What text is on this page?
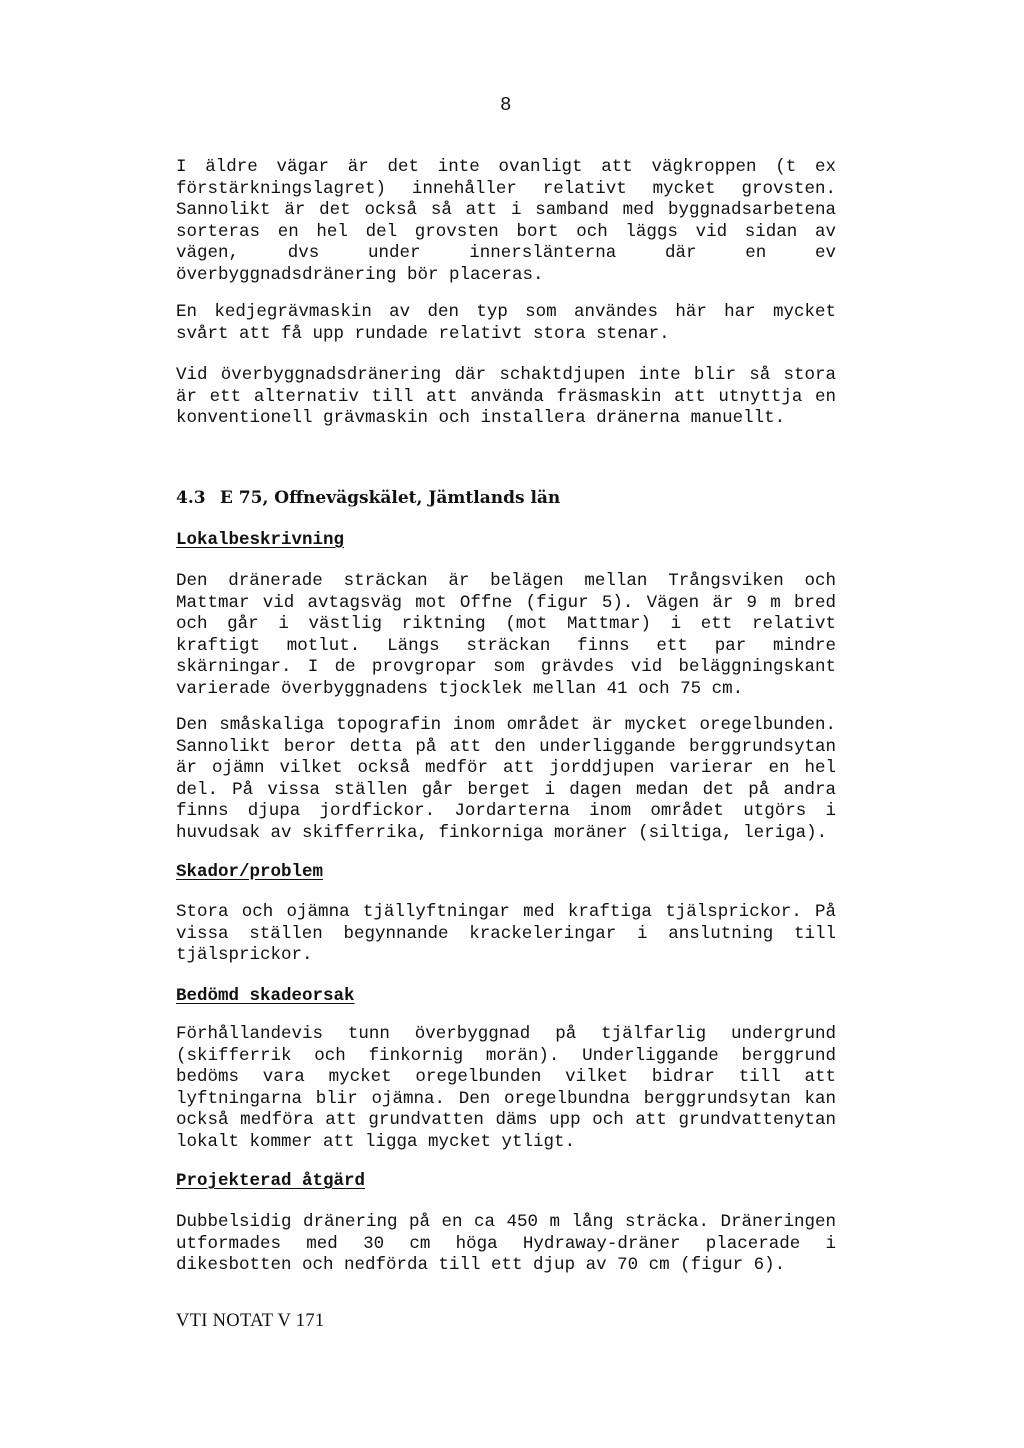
8

I äldre vägar är det inte ovanligt att vägkroppen (t ex förstärkningslagret) innehåller relativt mycket grovsten. Sannolikt är det också så att i samband med byggnadsarbetena sorteras en hel del grovsten bort och läggs vid sidan av vägen, dvs under innerslänterna där en ev överbyggnadsdränering bör placeras.

En kedjegrävmaskin av den typ som användes här har mycket svårt att få upp rundade relativt stora stenar.

Vid överbyggnadsdränering där schaktdjupen inte blir så stora är ett alternativ till att använda fräsmaskin att utnyttja en konventionell grävmaskin och installera dränerna manuellt.

4.3 E 75, Offnevägskälet, Jämtlands län
Lokalbeskrivning

Den dränerade sträckan är belägen mellan Trångsviken och Mattmar vid avtagsväg mot Offne (figur 5). Vägen är 9 m bred och går i västlig riktning (mot Mattmar) i ett relativt kraftigt motlut. Längs sträckan finns ett par mindre skärningar. I de provgropar som grävdes vid beläggningskant varierade överbyggnadens tjocklek mellan 41 och 75 cm.

Den småskaliga topografin inom området är mycket oregelbunden. Sannolikt beror detta på att den underliggande berggrundsytan är ojämn vilket också medför att jorddjupen varierar en hel del. På vissa ställen går berget i dagen medan det på andra finns djupa jordfickor. Jordarterna inom området utgörs i huvudsak av skifferrika, finkorniga moräner (siltiga, leriga).

Skador/problem

Stora och ojämna tjällyftningar med kraftiga tjälsprickor. På vissa ställen begynnande krackeleringar i anslutning till tjälsprickor.

Bedömd skadeorsak

Förhållandevis tunn överbyggnad på tjälfarlig undergrund (skifferrik och finkornig morän). Underliggande berggrund bedöms vara mycket oregelbunden vilket bidrar till att lyftningarna blir ojämna. Den oregelbundna berggrundsytan kan också medföra att grundvatten däms upp och att grundvattenytan lokalt kommer att ligga mycket ytligt.

Projekterad åtgärd

Dubbelsidig dränering på en ca 450 m lång sträcka. Dräneringen utformades med 30 cm höga Hydraway-dräner placerade i dikesbotten och nedförda till ett djup av 70 cm (figur 6).

VTI NOTAT V 171
